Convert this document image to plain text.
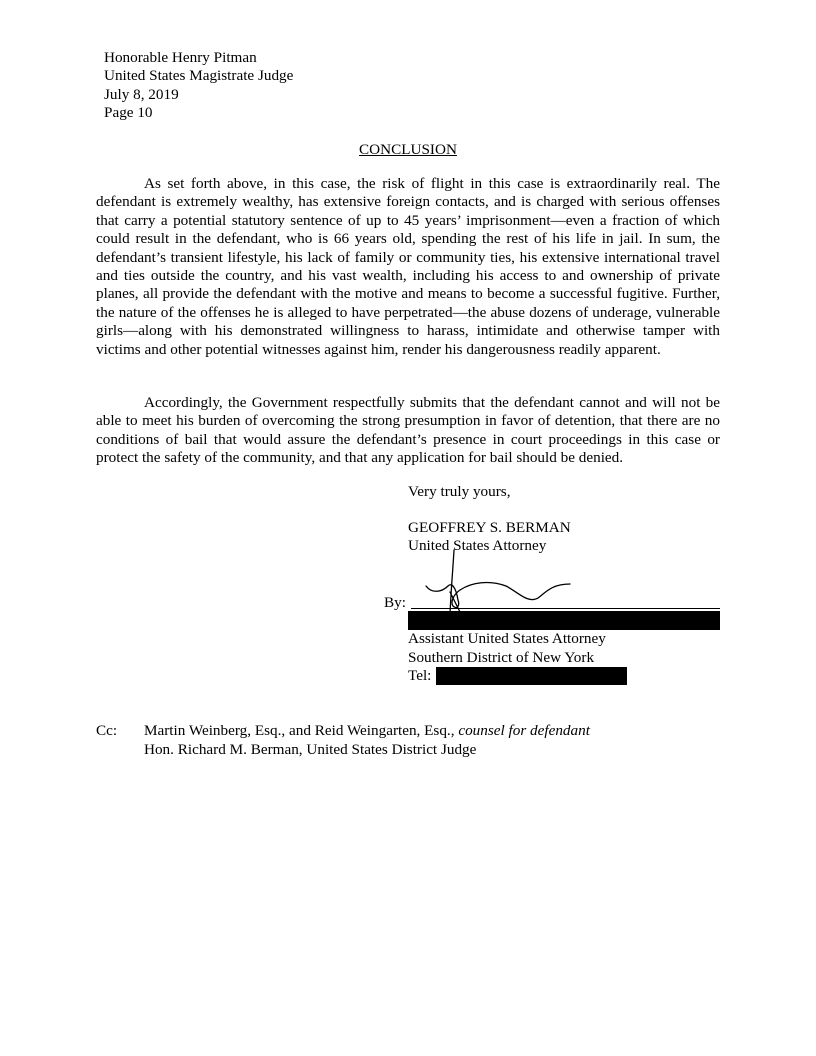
Honorable Henry Pitman
United States Magistrate Judge
July 8, 2019
Page 10
CONCLUSION

As set forth above, in this case, the risk of flight in this case is extraordinarily real. The defendant is extremely wealthy, has extensive foreign contacts, and is charged with serious offenses that carry a potential statutory sentence of up to 45 years’ imprisonment—even a fraction of which could result in the defendant, who is 66 years old, spending the rest of his life in jail. In sum, the defendant’s transient lifestyle, his lack of family or community ties, his extensive international travel and ties outside the country, and his vast wealth, including his access to and ownership of private planes, all provide the defendant with the motive and means to become a successful fugitive. Further, the nature of the offenses he is alleged to have perpetrated—the abuse dozens of underage, vulnerable girls—along with his demonstrated willingness to harass, intimidate and otherwise tamper with victims and other potential witnesses against him, render his dangerousness readily apparent.

Accordingly, the Government respectfully submits that the defendant cannot and will not be able to meet his burden of overcoming the strong presumption in favor of detention, that there are no conditions of bail that would assure the defendant’s presence in court proceedings in this case or protect the safety of the community, and that any application for bail should be denied.

Very truly yours,
GEOFFREY S. BERMAN
United States Attorney
By:
Assistant United States Attorney
Southern District of New York
Tel:
Cc: Martin Weinberg, Esq., and Reid Weingarten, Esq., counsel for defendant
Hon. Richard M. Berman, United States District Judge
